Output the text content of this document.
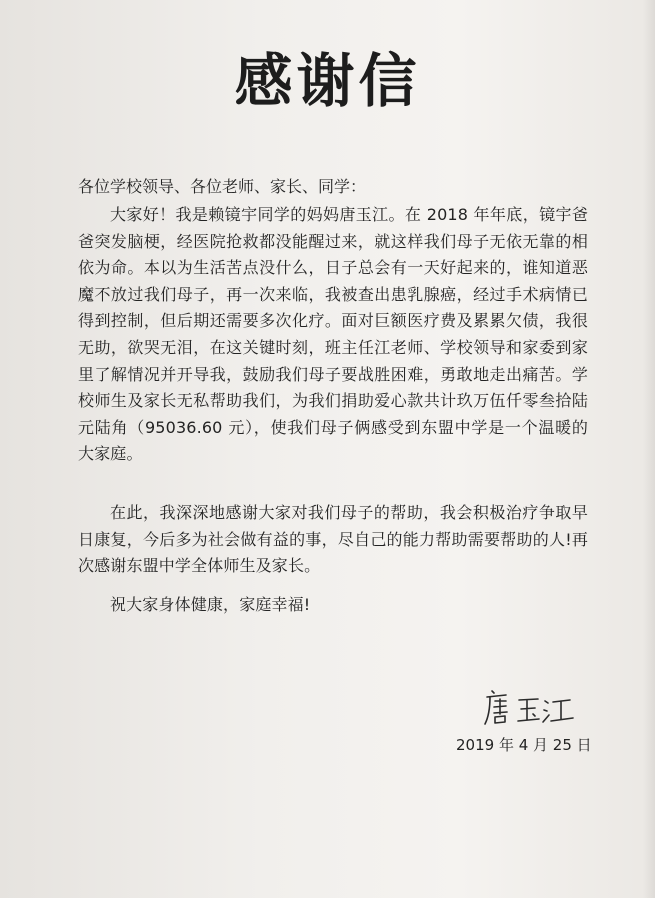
感谢信
各位学校领导、各位老师、家长、同学：
大家好！我是赖镜宇同学的妈妈唐玉江。在 2018 年年底，镜宇爸爸突发脑梗，经医院抢救都没能醒过来，就这样我们母子无依无靠的相依为命。本以为生活苦点没什么，日子总会有一天好起来的，谁知道恶魔不放过我们母子，再一次来临，我被查出患乳腺癌，经过手术病情已得到控制，但后期还需要多次化疗。面对巨额医疗费及累累欠债，我很无助，欲哭无泪，在这关键时刻，班主任江老师、学校领导和家委到家里了解情况并开导我，鼓励我们母子要战胜困难，勇敢地走出痛苦。学校师生及家长无私帮助我们，为我们捐助爱心款共计玖万伍仟零叁拾陆元陆角（95036.60 元），使我们母子俩感受到东盟中学是一个温暖的大家庭。
在此，我深深地感谢大家对我们母子的帮助，我会积极治疗争取早日康复，今后多为社会做有益的事，尽自己的能力帮助需要帮助的人!再次感谢东盟中学全体师生及家长。
祝大家身体健康，家庭幸福!
2019 年 4 月 25 日
